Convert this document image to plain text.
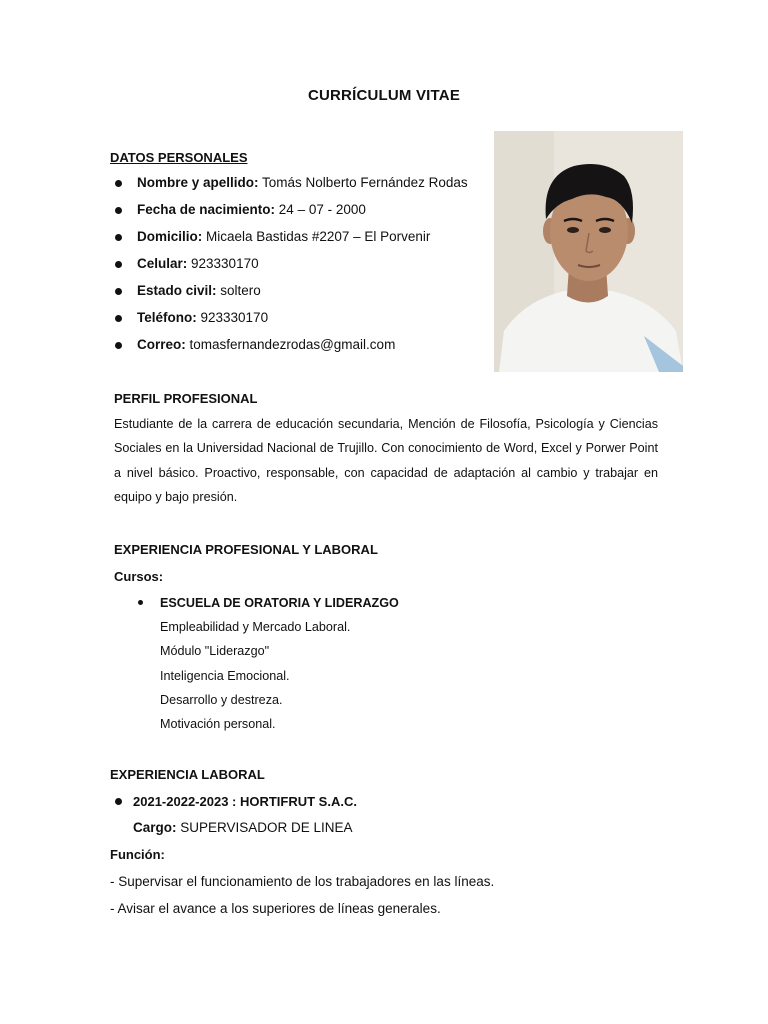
CURRÍCULUM VITAE
DATOS PERSONALES
Nombre y apellido: Tomás Nolberto Fernández Rodas
Fecha de nacimiento: 24 – 07 - 2000
Domicilio: Micaela Bastidas #2207 – El Porvenir
Celular: 923330170
Estado civil: soltero
Teléfono: 923330170
Correo: tomasfernandezrodas@gmail.com
PERFIL PROFESIONAL
Estudiante de la carrera de educación secundaria, Mención de Filosofía, Psicología y Ciencias Sociales en la Universidad Nacional de Trujillo. Con conocimiento de Word, Excel y Porwer Point a nivel básico. Proactivo, responsable, con capacidad de adaptación al cambio y trabajar en equipo y bajo presión.
EXPERIENCIA PROFESIONAL Y LABORAL
Cursos:
ESCUELA DE ORATORIA Y LIDERAZGO
Empleabilidad y Mercado Laboral.
Módulo "Liderazgo"
Inteligencia Emocional.
Desarrollo y destreza.
Motivación personal.
EXPERIENCIA LABORAL
2021-2022-2023 : HORTIFRUT S.A.C.
Cargo: SUPERVISADOR DE LINEA
Función:
- Supervisar el funcionamiento de los trabajadores en las líneas.
- Avisar el avance a los superiores de líneas generales.
